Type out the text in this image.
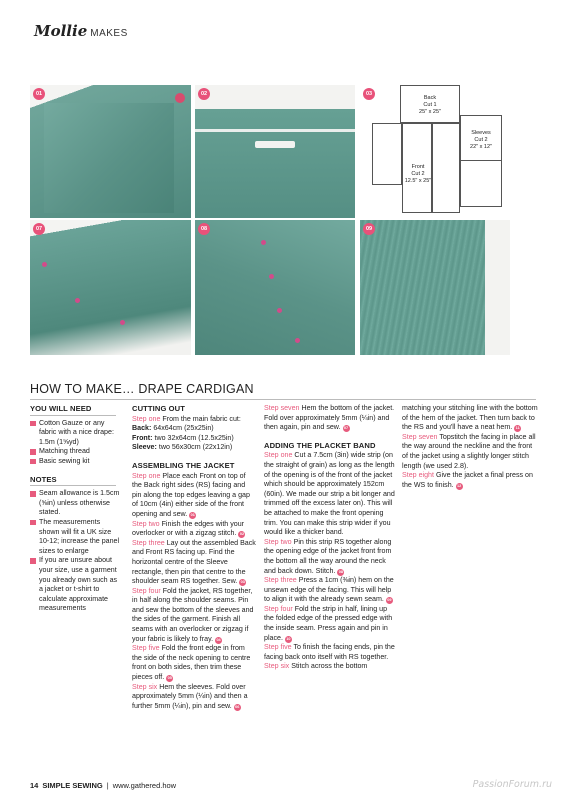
Mollie MAKES
01	02
Back
Cut 1
25" x 25"
Front
Cut 2
12.5" x 25"
Sleeves
Cut 2
22" x 12"
03
07	08	09
HOW TO MAKE… DRAPE CARDIGAN
YOU WILL NEED
Cotton Gauze or any fabric with a nice drape: 1.5m (1⅝yd)
Matching thread
Basic sewing kit
NOTES
Seam allowance is 1.5cm (⅝in) unless otherwise stated.
The measurements shown will fit a UK size 10-12; increase the panel sizes to enlarge
If you are unsure about your size, use a garment you already own such as a jacket or t-shirt to calculate approximate measurements
CUTTING OUT
Step one From the main fabric cut:
Back: 64x64cm (25x25in)
Front: two 32x64cm (12.5x25in)
Sleeve: two 56x30cm (22x12in)
ASSEMBLING THE JACKET
Step one Place each Front on top of the Back right sides (RS) facing and pin along the top edges leaving a gap of 10cm (4in) either side of the front opening and sew. 01
Step two Finish the edges with your overlocker or with a zigzag stitch. 02
Step three Lay out the assembled Back and Front RS facing up. Find the horizontal centre of the Sleeve rectangle, then pin that centre to the shoulder seam RS together. Sew. 03
Step four Fold the jacket, RS together, in half along the shoulder seams. Pin and sew the bottom of the sleeves and the sides of the garment. Finish all seams with an overlocker or zigzag if your fabric is likely to fray. 04
Step five Fold the front edge in from the side of the neck opening to centre front on both sides, then trim these pieces off. 05
Step six Hem the sleeves. Fold over approximately 5mm (¼in) and then a further 5mm (¼in), pin and sew. 06
Step seven Hem the bottom of the jacket. Fold over approximately 5mm (¼in) and then again, pin and sew. 07
ADDING THE PLACKET BAND
Step one Cut a 7.5cm (3in) wide strip (on the straight of grain) as long as the length of the opening is of the front of the jacket which should be approximately 152cm (60in). We made our strip a bit longer and trimmed off the excess later on). This will be attached to make the front opening trim. You can make this strip wider if you would like a thicker band.
Step two Pin this strip RS together along the opening edge of the jacket front from the bottom all the way around the neck and back down. Stitch. 08
Step three Press a 1cm (⅜in) hem on the unsewn edge of the facing. This will help to align it with the already sewn seam. 09
Step four Fold the strip in half, lining up the folded edge of the pressed edge with the inside seam. Press again and pin in place. 10
Step five To finish the facing ends, pin the facing back onto itself with RS together.
Step six Stitch across the bottom
matching your stitching line with the bottom of the hem of the jacket. Then turn back to the RS and you'll have a neat hem. 11
Step seven Topstitch the facing in place all the way around the neckline and the front of the jacket using a slightly longer stitch length (we used 2.8).
Step eight Give the jacket a final press on the WS to finish. 12
14 SIMPLE SEWING | www.gathered.how	PassionForum.ru
